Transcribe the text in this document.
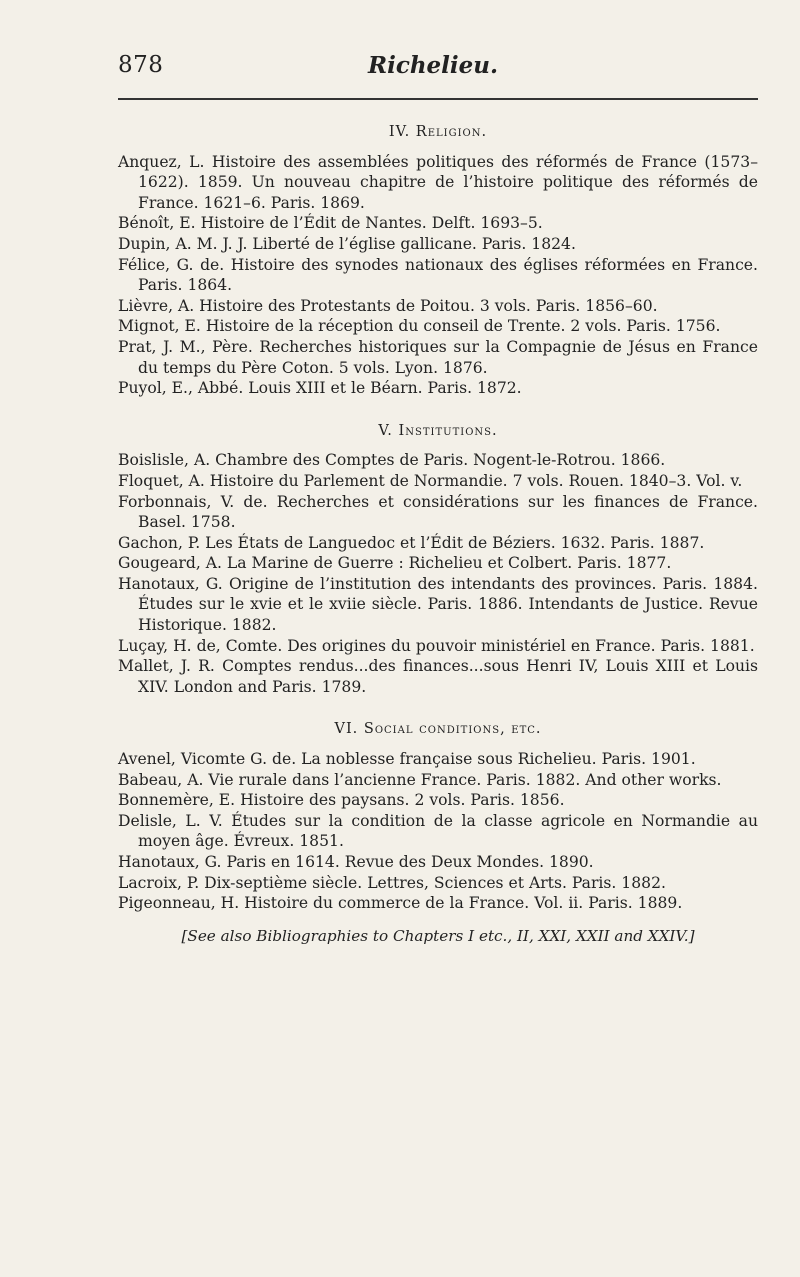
878	Richelieu.
IV. Religion.

Anquez, L. Histoire des assemblées politiques des réformés de France (1573–1622). 1859. Un nouveau chapitre de l’histoire politique des réformés de France. 1621–6. Paris. 1869.

Bénoît, E. Histoire de l’Édit de Nantes. Delft. 1693–5.

Dupin, A. M. J. J. Liberté de l’église gallicane. Paris. 1824.

Félice, G. de. Histoire des synodes nationaux des églises réformées en France. Paris. 1864.

Lièvre, A. Histoire des Protestants de Poitou. 3 vols. Paris. 1856–60.

Mignot, E. Histoire de la réception du conseil de Trente. 2 vols. Paris. 1756.

Prat, J. M., Père. Recherches historiques sur la Compagnie de Jésus en France du temps du Père Coton. 5 vols. Lyon. 1876.

Puyol, E., Abbé. Louis XIII et le Béarn. Paris. 1872.

V. Institutions.

Boislisle, A. Chambre des Comptes de Paris. Nogent-le-Rotrou. 1866.

Floquet, A. Histoire du Parlement de Normandie. 7 vols. Rouen. 1840–3. Vol. v.

Forbonnais, V. de. Recherches et considérations sur les finances de France. Basel. 1758.

Gachon, P. Les États de Languedoc et l’Édit de Béziers. 1632. Paris. 1887.

Gougeard, A. La Marine de Guerre : Richelieu et Colbert. Paris. 1877.

Hanotaux, G. Origine de l’institution des intendants des provinces. Paris. 1884. Études sur le xvie et le xviie siècle. Paris. 1886. Intendants de Justice. Revue Historique. 1882.

Luçay, H. de, Comte. Des origines du pouvoir ministériel en France. Paris. 1881.

Mallet, J. R. Comptes rendus...des finances...sous Henri IV, Louis XIII et Louis XIV. London and Paris. 1789.

VI. Social conditions, etc.

Avenel, Vicomte G. de. La noblesse française sous Richelieu. Paris. 1901.

Babeau, A. Vie rurale dans l’ancienne France. Paris. 1882. And other works.

Bonnemère, E. Histoire des paysans. 2 vols. Paris. 1856.

Delisle, L. V. Études sur la condition de la classe agricole en Normandie au moyen âge. Évreux. 1851.

Hanotaux, G. Paris en 1614. Revue des Deux Mondes. 1890.

Lacroix, P. Dix-septième siècle. Lettres, Sciences et Arts. Paris. 1882.

Pigeonneau, H. Histoire du commerce de la France. Vol. ii. Paris. 1889.

[See also Bibliographies to Chapters I etc., II, XXI, XXII and XXIV.]
